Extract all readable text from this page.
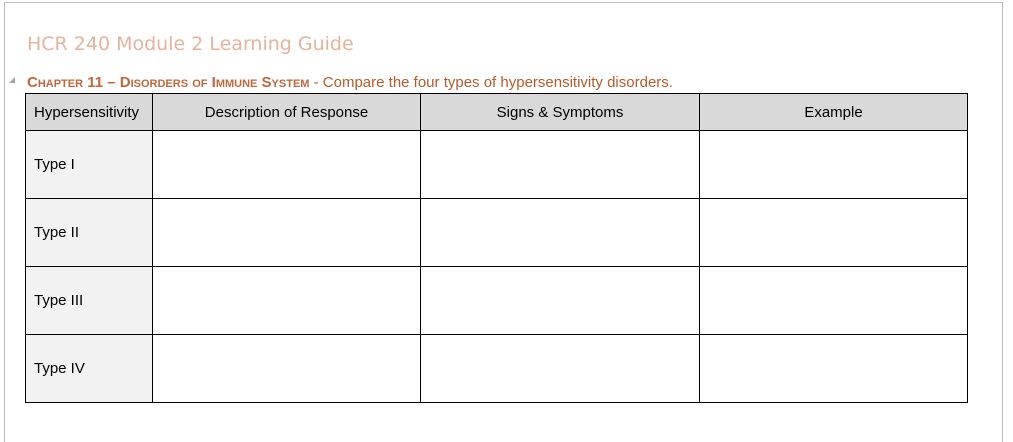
HCR 240 Module 2 Learning Guide
Chapter 11 – Disorders of Immune System - Compare the four types of hypersensitivity disorders.
Hypersensitivity	Description of Response	Signs & Symptoms	Example
Type I			
Type II			
Type III			
Type IV			
